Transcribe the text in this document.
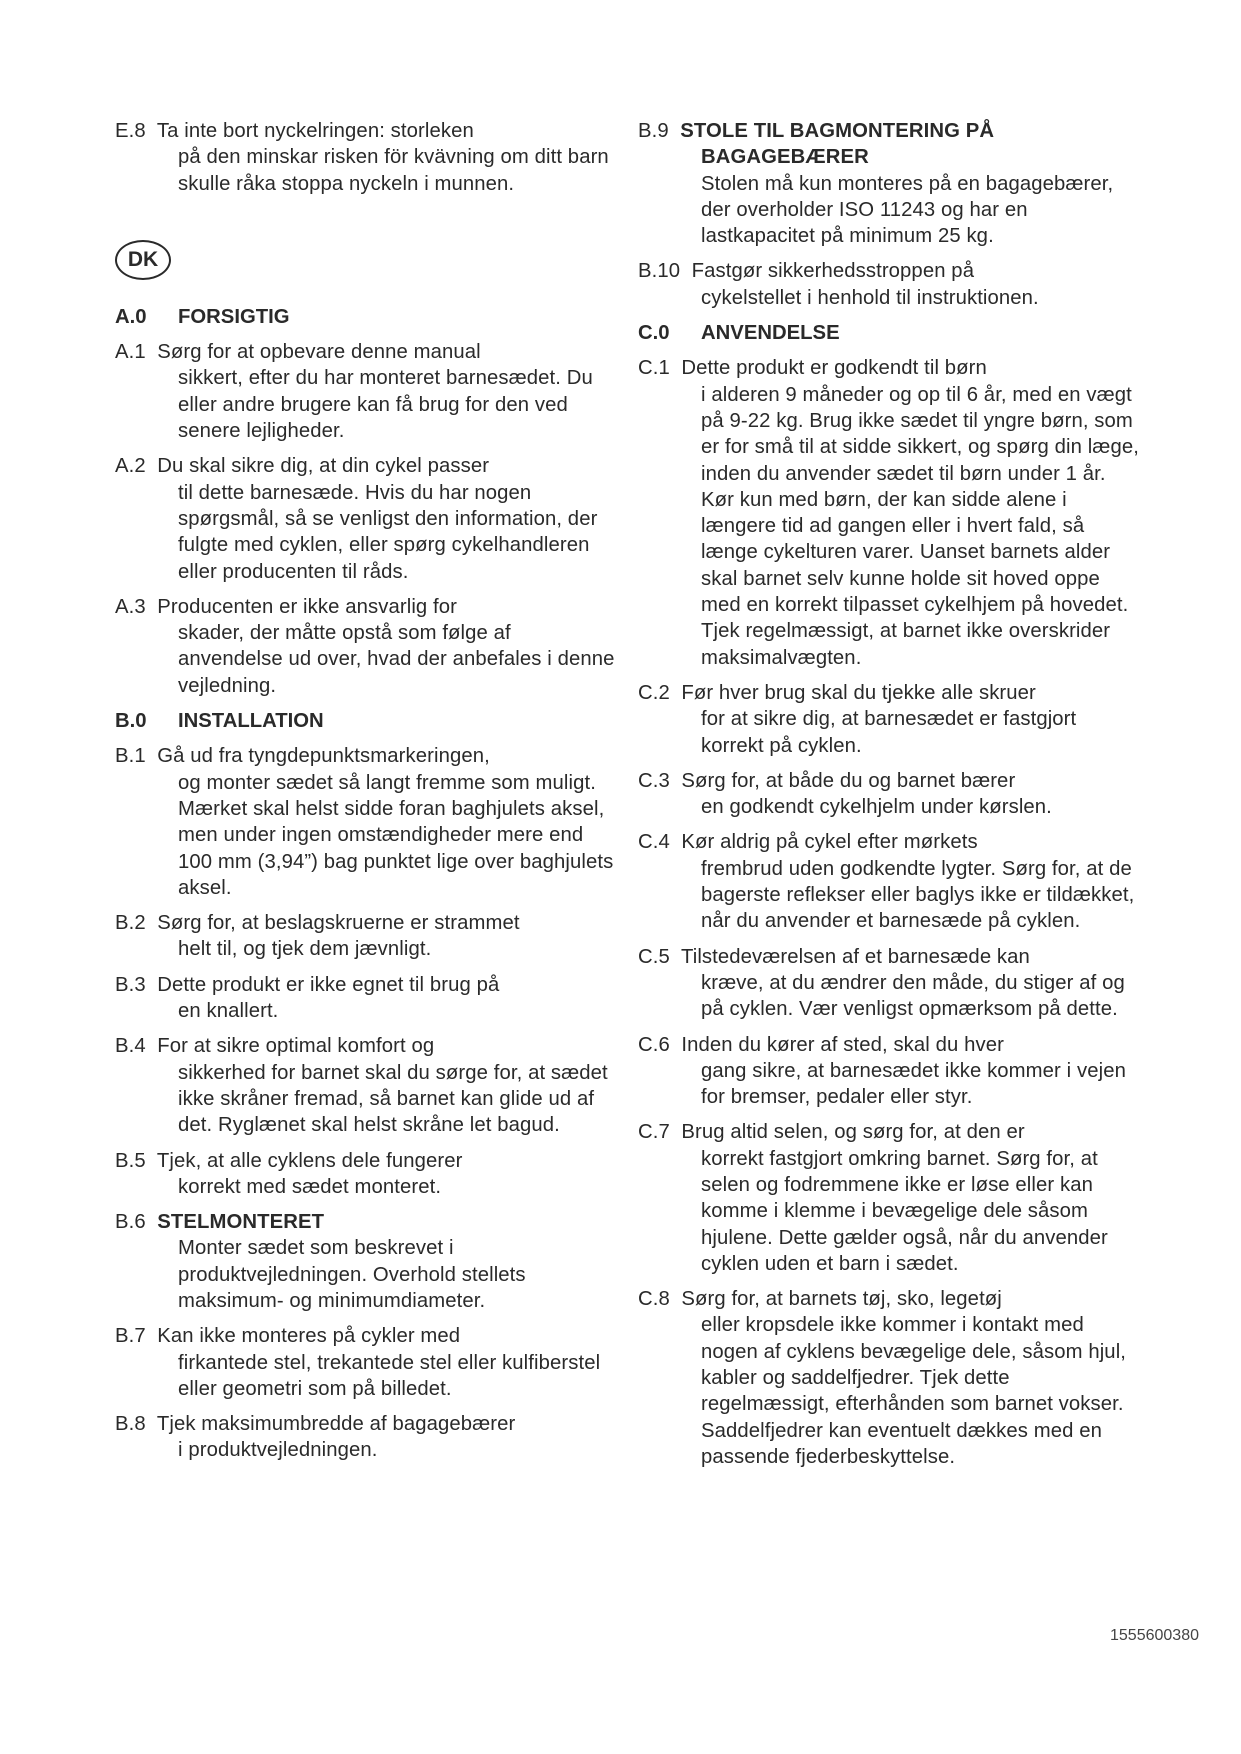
E.8 Ta inte bort nyckelringen: storleken
på den minskar risken för kvävning om ditt barn skulle råka stoppa nyckeln i munnen.
DK
A.0 FORSIGTIG
A.1 Sørg for at opbevare denne manual
sikkert, efter du har monteret barnesædet. Du eller andre brugere kan få brug for den ved senere lejligheder.
A.2 Du skal sikre dig, at din cykel passer
til dette barnesæde. Hvis du har nogen spørgsmål, så se venligst den information, der fulgte med cyklen, eller spørg cykelhandleren eller producenten til råds.
A.3 Producenten er ikke ansvarlig for
skader, der måtte opstå som følge af anvendelse ud over, hvad der anbefales i denne vejledning.
B.0 INSTALLATION
B.1 Gå ud fra tyngdepunktsmarkeringen,
og monter sædet så langt fremme som muligt. Mærket skal helst sidde foran baghjulets aksel, men under ingen omstændigheder mere end 100 mm (3,94”) bag punktet lige over baghjulets aksel.
B.2 Sørg for, at beslagskruerne er strammet
helt til, og tjek dem jævnligt.
B.3 Dette produkt er ikke egnet til brug på
en knallert.
B.4 For at sikre optimal komfort og
sikkerhed for barnet skal du sørge for, at sædet ikke skråner fremad, så barnet kan glide ud af det. Ryglænet skal helst skråne let bagud.
B.5 Tjek, at alle cyklens dele fungerer
korrekt med sædet monteret.
B.6 STELMONTERET
Monter sædet som beskrevet i produktvejledningen. Overhold stellets maksimum- og minimumdiameter.
B.7 Kan ikke monteres på cykler med
firkantede stel, trekantede stel eller kulfiberstel eller geometri som på billedet.
B.8 Tjek maksimumbredde af bagagebærer
i produktvejledningen.
B.9 STOLE TIL BAGMONTERING PÅ
BAGAGEBÆRER
Stolen må kun monteres på en bagagebærer, der overholder ISO 11243 og har en lastkapacitet på minimum 25 kg.
B.10 Fastgør sikkerhedsstroppen på
cykelstellet i henhold til instruktionen.
C.0 ANVENDELSE
C.1 Dette produkt er godkendt til børn
i alderen 9 måneder og op til 6 år, med en vægt på 9-22 kg. Brug ikke sædet til yngre børn, som er for små til at sidde sikkert, og spørg din læge, inden du anvender sædet til børn under 1 år. Kør kun med børn, der kan sidde alene i længere tid ad gangen eller i hvert fald, så længe cykelturen varer. Uanset barnets alder skal barnet selv kunne holde sit hoved oppe med en korrekt tilpasset cykelhjem på hovedet. Tjek regelmæssigt, at barnet ikke overskrider maksimalvægten.
C.2 Før hver brug skal du tjekke alle skruer
for at sikre dig, at barnesædet er fastgjort korrekt på cyklen.
C.3 Sørg for, at både du og barnet bærer
en godkendt cykelhjelm under kørslen.
C.4 Kør aldrig på cykel efter mørkets
frembrud uden godkendte lygter. Sørg for, at de bagerste reflekser eller baglys ikke er tildækket, når du anvender et barnesæde på cyklen.
C.5 Tilstedeværelsen af et barnesæde kan
kræve, at du ændrer den måde, du stiger af og på cyklen. Vær venligst opmærksom på dette.
C.6 Inden du kører af sted, skal du hver
gang sikre, at barnesædet ikke kommer i vejen for bremser, pedaler eller styr.
C.7 Brug altid selen, og sørg for, at den er
korrekt fastgjort omkring barnet. Sørg for, at selen og fodremmene ikke er løse eller kan komme i klemme i bevægelige dele såsom hjulene. Dette gælder også, når du anvender cyklen uden et barn i sædet.
C.8 Sørg for, at barnets tøj, sko, legetøj
eller kropsdele ikke kommer i kontakt med nogen af cyklens bevægelige dele, såsom hjul, kabler og saddelfjedrer. Tjek dette regelmæssigt, efterhånden som barnet vokser. Saddelfjedrer kan eventuelt dækkes med en passende fjederbeskyttelse.
1555600380
